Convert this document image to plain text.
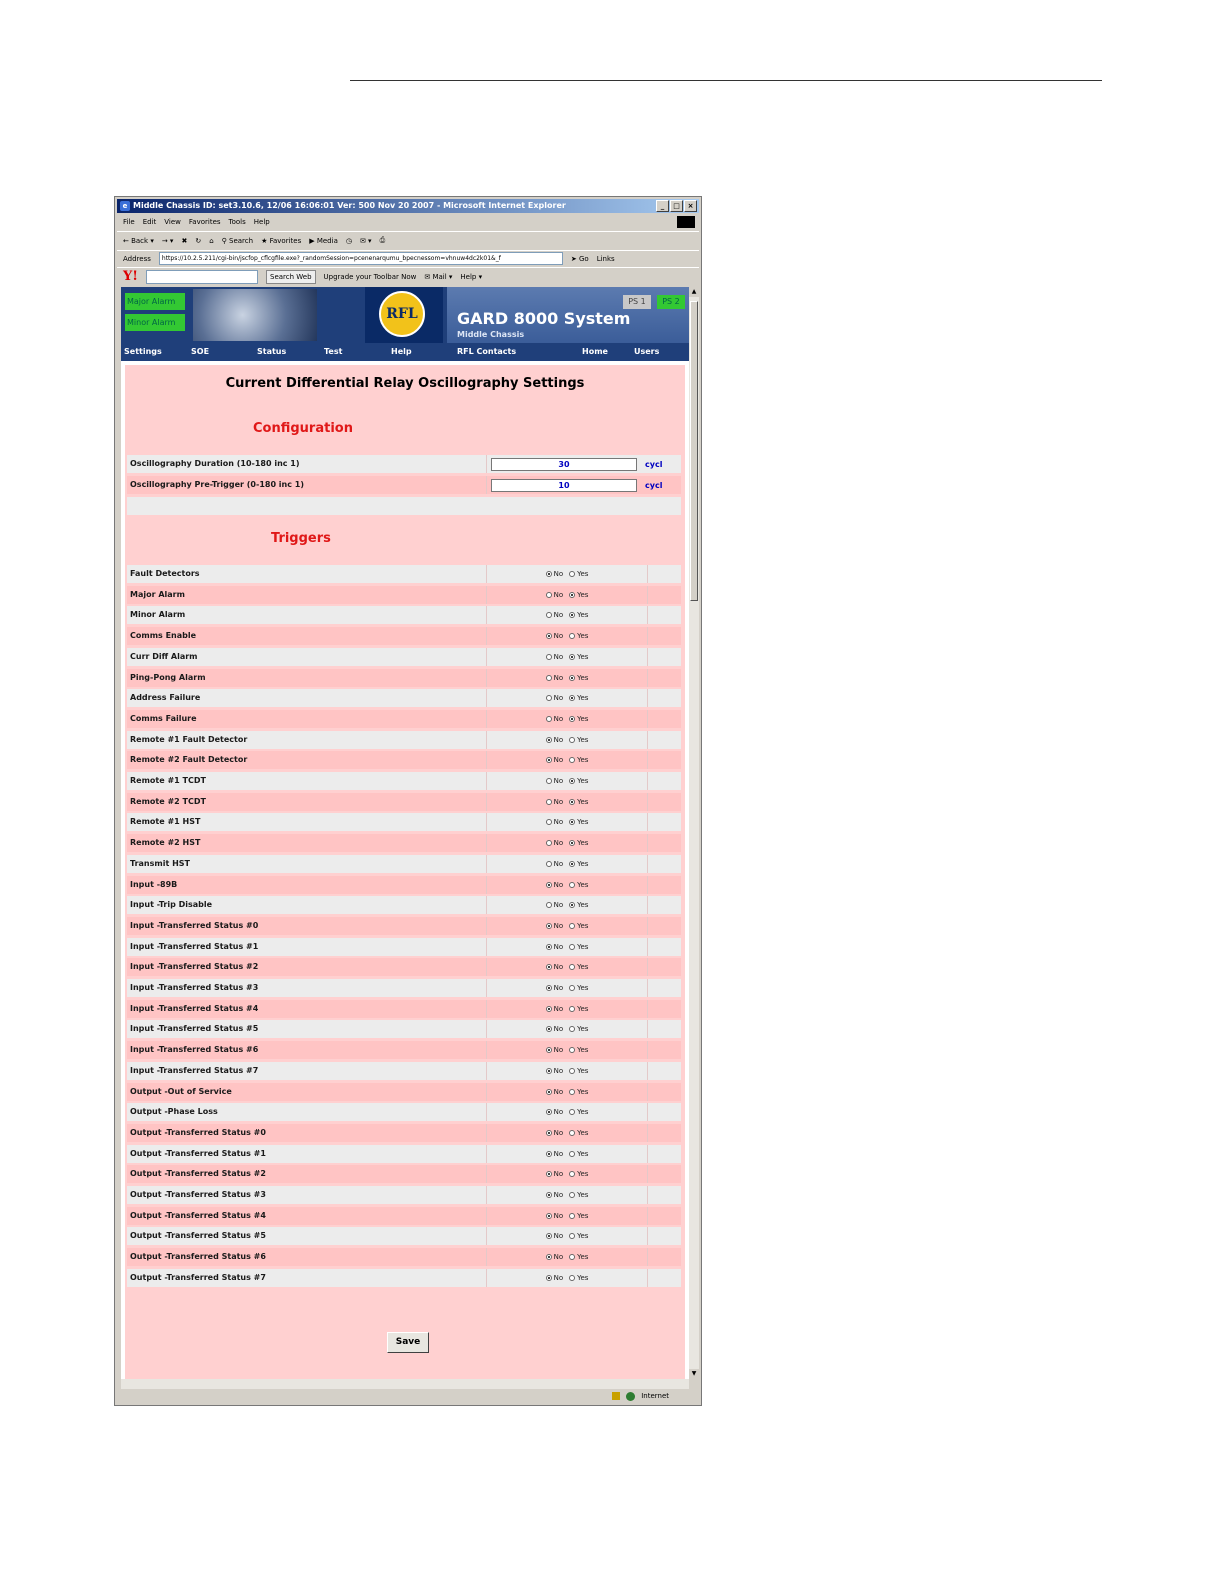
e Middle Chassis ID: set3.10.6, 12/06 16:06:01 Ver: 500 Nov 20 2007 - Microsoft Internet Explorer	_	□	×
File Edit View Favorites Tools Help
← Back ▾ → ▾ ✖ ↻ ⌂ ⚲ Search ★ Favorites ▶ Media ◷ ✉ ▾ ⎙
Address	https://10.2.5.211/cgi-bin/jscfop_cflcgfile.exe?_randomSession=pcenenarqumu_bpecnessom=vhnuw4dc2k01&_f	➤ Go Links
Y!	Search Web	Upgrade your Toolbar Now ✉ Mail ▾ Help ▾
Major Alarm
Minor Alarm
RFL	GARD 8000 System
Middle Chassis
PS 1	PS 2
Settings	SOE	Status	Test	Help	RFL Contacts	Home	Users
Current Differential Relay Oscillography Settings
Configuration
Oscillography Duration (10-180 inc 1)	30	cycl
Oscillography Pre-Trigger (0-180 inc 1)	10	cycl
Triggers
Fault Detectors	No Yes
Major Alarm	No Yes
Minor Alarm	No Yes
Comms Enable	No Yes
Curr Diff Alarm	No Yes
Ping-Pong Alarm	No Yes
Address Failure	No Yes
Comms Failure	No Yes
Remote #1 Fault Detector	No Yes
Remote #2 Fault Detector	No Yes
Remote #1 TCDT	No Yes
Remote #2 TCDT	No Yes
Remote #1 HST	No Yes
Remote #2 HST	No Yes
Transmit HST	No Yes
Input -89B	No Yes
Input -Trip Disable	No Yes
Input -Transferred Status #0	No Yes
Input -Transferred Status #1	No Yes
Input -Transferred Status #2	No Yes
Input -Transferred Status #3	No Yes
Input -Transferred Status #4	No Yes
Input -Transferred Status #5	No Yes
Input -Transferred Status #6	No Yes
Input -Transferred Status #7	No Yes
Output -Out of Service	No Yes
Output -Phase Loss	No Yes
Output -Transferred Status #0	No Yes
Output -Transferred Status #1	No Yes
Output -Transferred Status #2	No Yes
Output -Transferred Status #3	No Yes
Output -Transferred Status #4	No Yes
Output -Transferred Status #5	No Yes
Output -Transferred Status #6	No Yes
Output -Transferred Status #7	No Yes
Save
▲
▼
Internet
